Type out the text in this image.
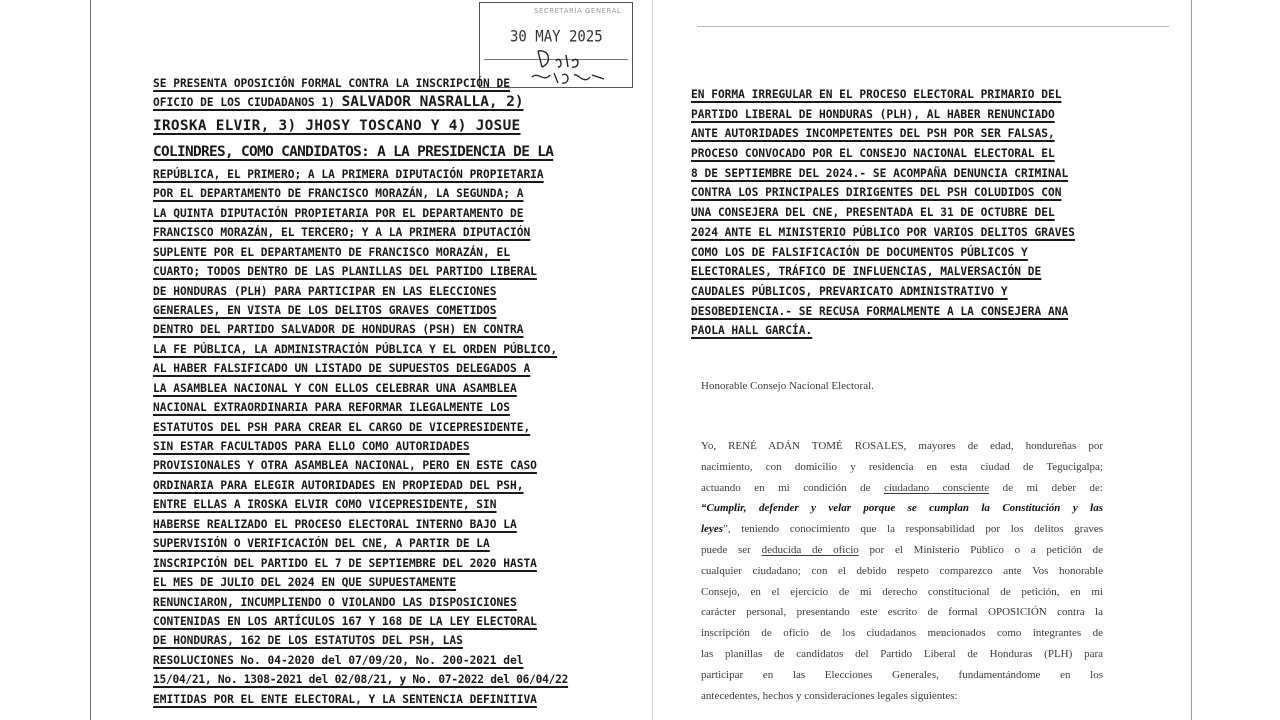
SECRETARÍA GENERAL
30 MAY 2025
SE PRESENTA OPOSICIÓN FORMAL CONTRA LA INSCRIPCIÓN DE
OFICIO DE LOS CIUDADANOS 1) SALVADOR NASRALLA, 2)
IROSKA ELVIR, 3) JHOSY TOSCANO Y 4) JOSUE
COLINDRES, COMO CANDIDATOS: A LA PRESIDENCIA DE LA
REPÚBLICA, EL PRIMERO; A LA PRIMERA DIPUTACIÓN PROPIETARIA
POR EL DEPARTAMENTO DE FRANCISCO MORAZÁN, LA SEGUNDA; A
LA QUINTA DIPUTACIÓN PROPIETARIA POR EL DEPARTAMENTO DE
FRANCISCO MORAZÁN, EL TERCERO; Y A LA PRIMERA DIPUTACIÓN
SUPLENTE POR EL DEPARTAMENTO DE FRANCISCO MORAZÁN, EL
CUARTO; TODOS DENTRO DE LAS PLANILLAS DEL PARTIDO LIBERAL
DE HONDURAS (PLH) PARA PARTICIPAR EN LAS ELECCIONES
GENERALES, EN VISTA DE LOS DELITOS GRAVES COMETIDOS
DENTRO DEL PARTIDO SALVADOR DE HONDURAS (PSH) EN CONTRA
LA FE PÚBLICA, LA ADMINISTRACIÓN PÚBLICA Y EL ORDEN PÚBLICO,
AL HABER FALSIFICADO UN LISTADO DE SUPUESTOS DELEGADOS A
LA ASAMBLEA NACIONAL Y CON ELLOS CELEBRAR UNA ASAMBLEA
NACIONAL EXTRAORDINARIA PARA REFORMAR ILEGALMENTE LOS
ESTATUTOS DEL PSH PARA CREAR EL CARGO DE VICEPRESIDENTE,
SIN ESTAR FACULTADOS PARA ELLO COMO AUTORIDADES
PROVISIONALES Y OTRA ASAMBLEA NACIONAL, PERO EN ESTE CASO
ORDINARIA PARA ELEGIR AUTORIDADES EN PROPIEDAD DEL PSH,
ENTRE ELLAS A IROSKA ELVIR COMO VICEPRESIDENTE, SIN
HABERSE REALIZADO EL PROCESO ELECTORAL INTERNO BAJO LA
SUPERVISIÓN O VERIFICACIÓN DEL CNE, A PARTIR DE LA
INSCRIPCIÓN DEL PARTIDO EL 7 DE SEPTIEMBRE DEL 2020 HASTA
EL MES DE JULIO DEL 2024 EN QUE SUPUESTAMENTE
RENUNCIARON, INCUMPLIENDO O VIOLANDO LAS DISPOSICIONES
CONTENIDAS EN LOS ARTÍCULOS 167 Y 168 DE LA LEY ELECTORAL
DE HONDURAS, 162 DE LOS ESTATUTOS DEL PSH, LAS
RESOLUCIONES No. 04-2020 del 07/09/20, No. 200-2021 del
15/04/21, No. 1308-2021 del 02/08/21, y No. 07-2022 del 06/04/22
EMITIDAS POR EL ENTE ELECTORAL, Y LA SENTENCIA DEFINITIVA
EN FORMA IRREGULAR EN EL PROCESO ELECTORAL PRIMARIO DEL
PARTIDO LIBERAL DE HONDURAS (PLH), AL HABER RENUNCIADO
ANTE AUTORIDADES INCOMPETENTES DEL PSH POR SER FALSAS,
PROCESO CONVOCADO POR EL CONSEJO NACIONAL ELECTORAL EL
8 DE SEPTIEMBRE DEL 2024.- SE ACOMPAÑA DENUNCIA CRIMINAL
CONTRA LOS PRINCIPALES DIRIGENTES DEL PSH COLUDIDOS CON
UNA CONSEJERA DEL CNE, PRESENTADA EL 31 DE OCTUBRE DEL
2024 ANTE EL MINISTERIO PÚBLICO POR VARIOS DELITOS GRAVES
COMO LOS DE FALSIFICACIÓN DE DOCUMENTOS PÚBLICOS Y
ELECTORALES, TRÁFICO DE INFLUENCIAS, MALVERSACIÓN DE
CAUDALES PÚBLICOS, PREVARICATO ADMINISTRATIVO Y
DESOBEDIENCIA.- SE RECUSA FORMALMENTE A LA CONSEJERA ANA
PAOLA HALL GARCÍA.
Honorable Consejo Nacional Electoral.
Yo, RENÉ ADÁN TOMÉ ROSALES, mayores de edad, hondureñas por
nacimiento, con domicilio y residencia en esta ciudad de Tegucigalpa;
actuando en mi condición de ciudadano consciente de mi deber de:
“Cumplir, defender y velar porque se cumplan la Constitución y las
leyes”, teniendo conocimiento que la responsabilidad por los delitos graves
puede ser deducida de oficio por el Ministerio Público o a petición de
cualquier ciudadano; con el debido respeto comparezco ante Vos honorable
Consejo, en el ejercicio de mi derecho constitucional de petición, en mi
carácter personal, presentando este escrito de formal OPOSICIÓN contra la
inscripción de oficio de los ciudadanos mencionados como integrantes de
las planillas de candidatos del Partido Liberal de Honduras (PLH) para
participar en las Elecciones Generales, fundamentándome en los
antecedentes, hechos y consideraciones legales siguientes:
